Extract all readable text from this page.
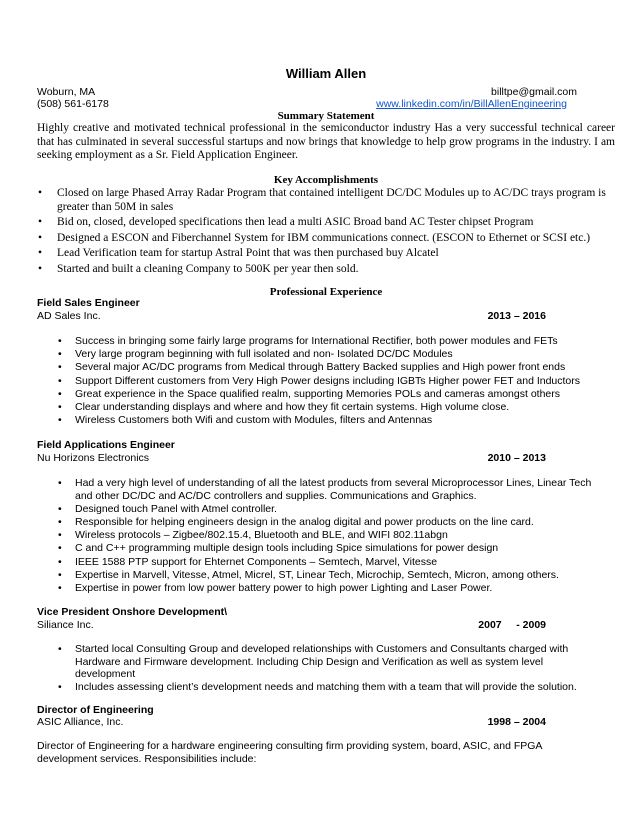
William Allen
Woburn, MA	billtpe@gmail.com
(508) 561-6178	www.linkedin.com/in/BillAllenEngineering
Summary Statement

Highly creative and motivated technical professional in the semiconductor industry Has a very successful technical career that has culminated in several successful startups and now brings that knowledge to help grow programs in the industry. I am seeking employment as a Sr. Field Application Engineer.

Key Accomplishments
• Closed on large Phased Array Radar Program that contained intelligent DC/DC Modules up to AC/DC trays program is greater than 50M in sales
• Bid on, closed, developed specifications then lead a multi ASIC Broad band AC Tester chipset Program
• Designed a ESCON and Fiberchannel System for IBM communications connect. (ESCON to Ethernet or SCSI etc.)
• Lead Verification team for startup Astral Point that was then purchased buy Alcatel
• Started and built a cleaning Company to 500K per year then sold.
Professional Experience
Field Sales Engineer
AD Sales Inc.	2013 – 2016
• Success in bringing some fairly large programs for International Rectifier, both power modules and FETs
• Very large program beginning with full isolated and non- Isolated DC/DC Modules
• Several major AC/DC programs from Medical through Battery Backed supplies and High power front ends
• Support Different customers from Very High Power designs including IGBTs Higher power FET and Inductors
• Great experience in the Space qualified realm, supporting Memories POLs and cameras amongst others
• Clear understanding displays and where and how they fit certain systems. High volume close.
• Wireless Customers both Wifi and custom with Modules, filters and Antennas
Field Applications Engineer
Nu Horizons Electronics	2010 – 2013
• Had a very high level of understanding of all the latest products from several Microprocessor Lines, Linear Tech and other DC/DC and AC/DC controllers and supplies. Communications and Graphics.
• Designed touch Panel with Atmel controller.
• Responsible for helping engineers design in the analog digital and power products on the line card.
• Wireless protocols – Zigbee/802.15.4, Bluetooth and BLE, and WIFI 802.11abgn
• C and C++ programming multiple design tools including Spice simulations for power design
• IEEE 1588 PTP support for Ehternet Components – Semtech, Marvel, Vitesse
• Expertise in Marvell, Vitesse, Atmel, Micrel, ST, Linear Tech, Microchip, Semtech, Micron, among others.
• Expertise in power from low power battery power to high power Lighting and Laser Power.
Vice President Onshore Development\
Siliance Inc.	2007     - 2009
• Started local Consulting Group and developed relationships with Customers and Consultants charged with Hardware and Firmware development. Including Chip Design and Verification as well as system level development
• Includes assessing client’s development needs and matching them with a team that will provide the solution.
Director of Engineering
ASIC Alliance, Inc.	1998 – 2004

Director of Engineering for a hardware engineering consulting firm providing system, board, ASIC, and FPGA development services. Responsibilities include:
